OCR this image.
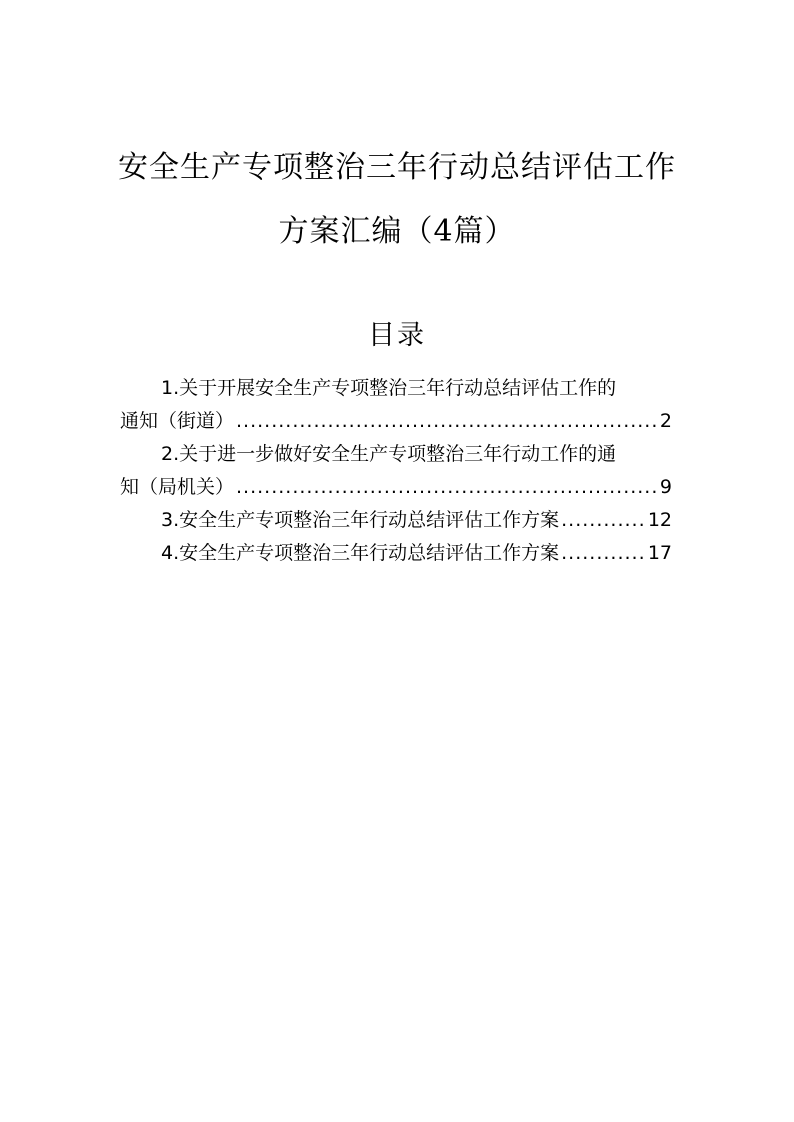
安全生产专项整治三年行动总结评估工作
方案汇编（4篇）
目录
1.关于开展安全生产专项整治三年行动总结评估工作的
通知（街道） .....	2
2.关于进一步做好安全生产专项整治三年行动工作的通
知（局机关） .....	9
3.安全生产专项整治三年行动总结评估工作方案 .....	12
4.安全生产专项整治三年行动总结评估工作方案 .....	17
